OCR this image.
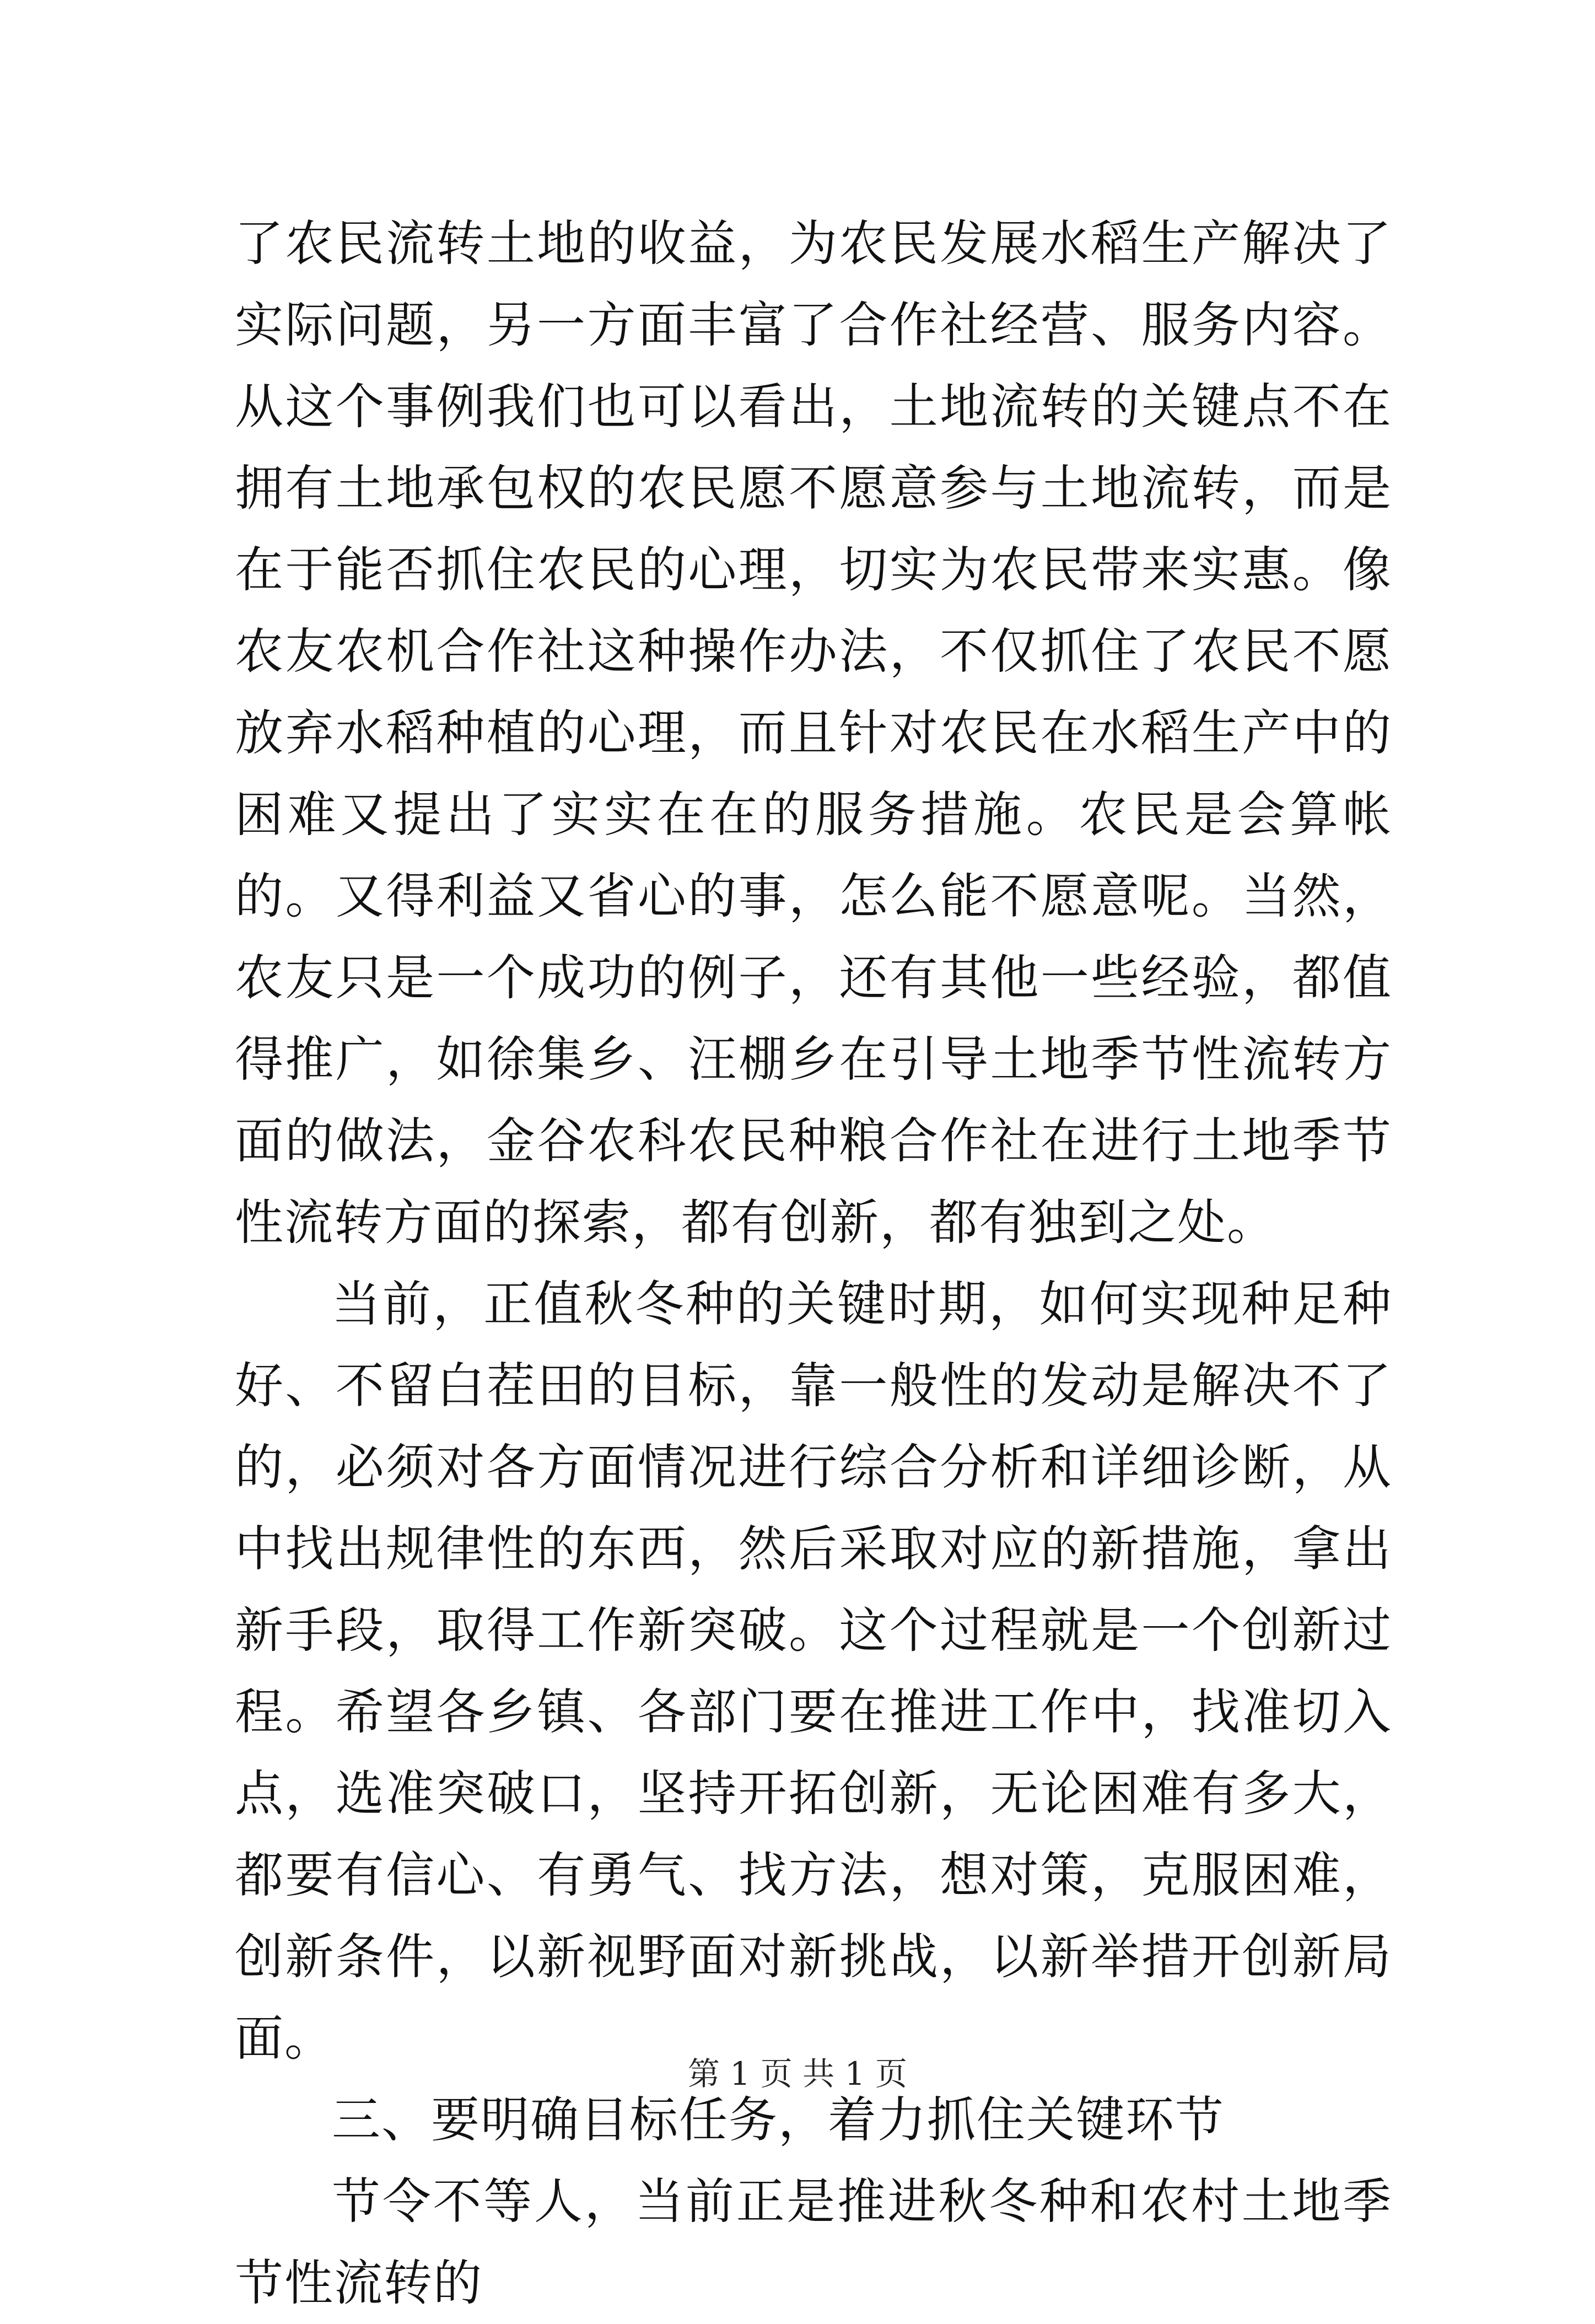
了农民流转土地的收益，为农民发展水稻生产解决了实际问题，另一方面丰富了合作社经营、服务内容。从这个事例我们也可以看出，土地流转的关键点不在拥有土地承包权的农民愿不愿意参与土地流转，而是在于能否抓住农民的心理，切实为农民带来实惠。像农友农机合作社这种操作办法，不仅抓住了农民不愿放弃水稻种植的心理，而且针对农民在水稻生产中的困难又提出了实实在在的服务措施。农民是会算帐的。又得利益又省心的事，怎么能不愿意呢。当然，农友只是一个成功的例子，还有其他一些经验，都值得推广，如徐集乡、汪棚乡在引导土地季节性流转方面的做法，金谷农科农民种粮合作社在进行土地季节性流转方面的探索，都有创新，都有独到之处。

当前，正值秋冬种的关键时期，如何实现种足种好、不留白茬田的目标，靠一般性的发动是解决不了的，必须对各方面情况进行综合分析和详细诊断，从中找出规律性的东西，然后采取对应的新措施，拿出新手段，取得工作新突破。这个过程就是一个创新过程。希望各乡镇、各部门要在推进工作中，找准切入点，选准突破口，坚持开拓创新，无论困难有多大，都要有信心、有勇气、找方法，想对策，克服困难，创新条件，以新视野面对新挑战，以新举措开创新局面。

三、要明确目标任务，着力抓住关键环节

节令不等人，当前正是推进秋冬种和农村土地季节性流转的

第 1 页 共 1 页
